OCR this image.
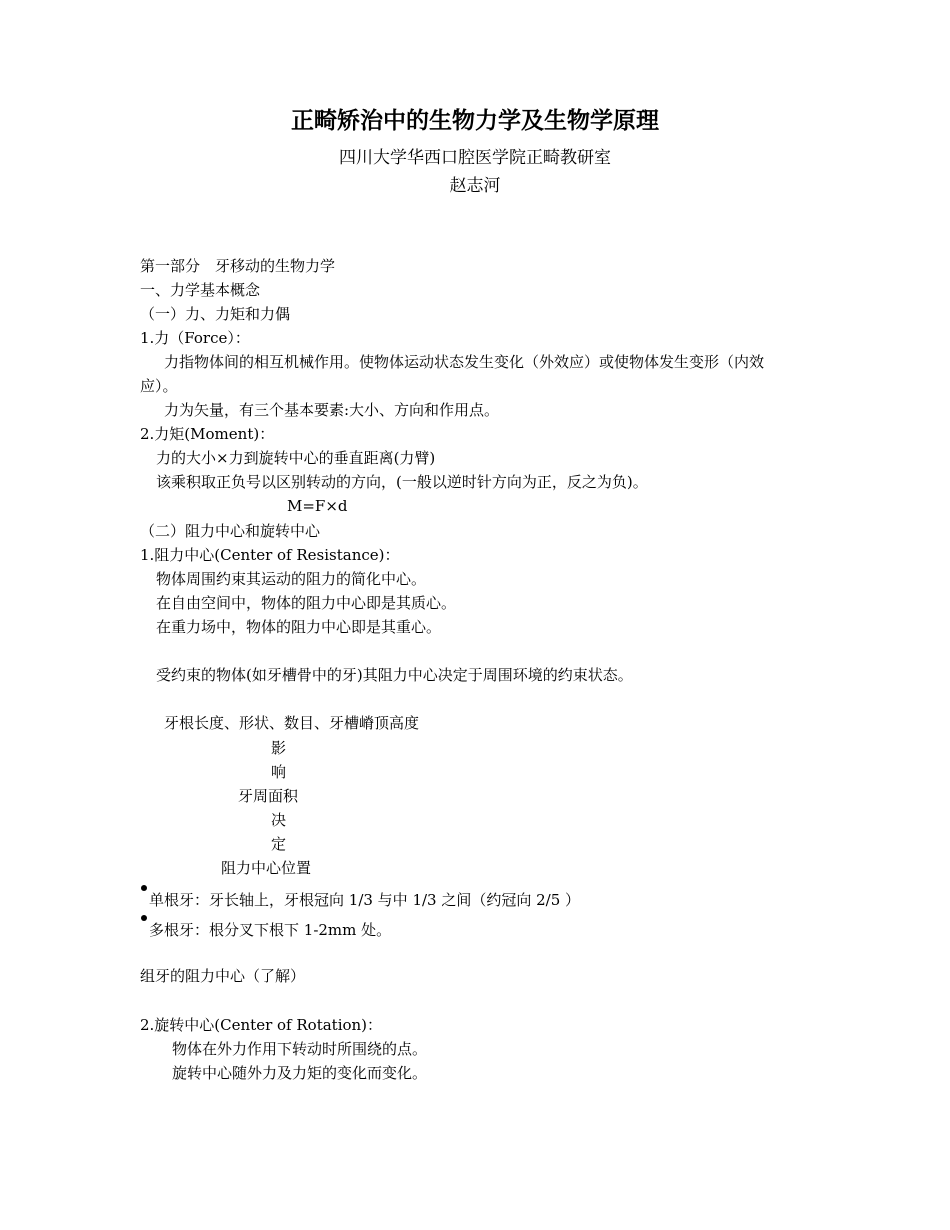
正畸矫治中的生物力学及生物学原理
四川大学华西口腔医学院正畸教研室
赵志河
第一部分　牙移动的生物力学
一、力学基本概念
（一）力、力矩和力偶
1.力（Force）：
力指物体间的相互机械作用。使物体运动状态发生变化（外效应）或使物体发生变形（内效
应）。
力为矢量，有三个基本要素:大小、方向和作用点。
2.力矩(Moment)：
力的大小×力到旋转中心的垂直距离(力臂)
该乘积取正负号以区别转动的方向，(一般以逆时针方向为正，反之为负)。
M=F×d
（二）阻力中心和旋转中心
1.阻力中心(Center of Resistance)：
物体周围约束其运动的阻力的简化中心。
在自由空间中，物体的阻力中心即是其质心。
在重力场中，物体的阻力中心即是其重心。
受约束的物体(如牙槽骨中的牙)其阻力中心决定于周围环境的约束状态。
牙根长度、形状、数目、牙槽嵴顶高度
影
响
牙周面积
决
定
阻力中心位置
单根牙：牙长轴上，牙根冠向 1/3 与中 1/3 之间（约冠向 2/5 ）
多根牙：根分叉下根下 1-2mm 处。
组牙的阻力中心（了解）
2.旋转中心(Center of Rotation)：
物体在外力作用下转动时所围绕的点。
旋转中心随外力及力矩的变化而变化。
